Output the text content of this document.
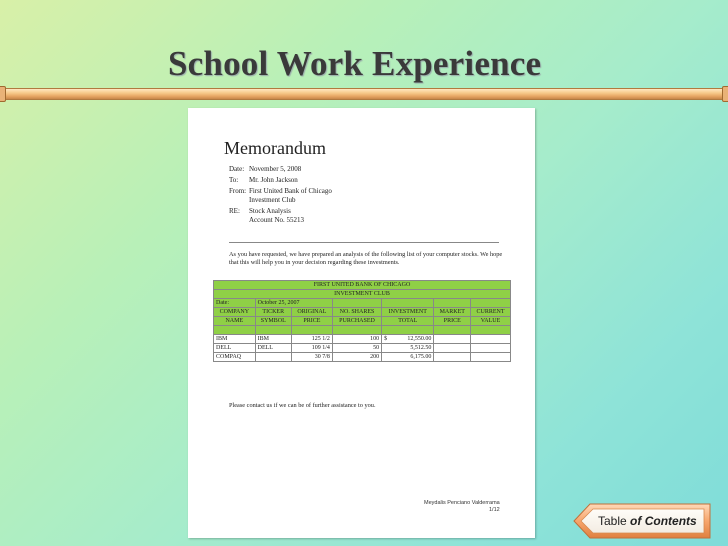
School Work Experience
Memorandum
Date: November 5, 2008
To:	Mr. John Jackson
From: First United Bank of Chicago
Investment Club
RE:	Stock Analysis
Account No. 55213
As you have requested, we have prepared an analysis of the following list of your computer stocks. We hope that this will help you in your decision regarding these investments.
FIRST UNITED BANK OF CHICAGO						
INVESTMENT CLUB						
Date:	October 25, 2007					
COMPANY	TICKER	ORIGINAL	NO. SHARES	INVESTMENT	MARKET	CURRENT
NAME	SYMBOL	PRICE	PURCHASED	TOTAL	PRICE	VALUE

IBM	IBM	125 1/2	100	$ 12,550.00		
DELL	DELL	109 1/4	50	5,512.50		
COMPAQ		30 7/8	200	6,175.00		
Please contact us if we can be of further assistance to you.
Meydalis Penciano Valderrama
1/12
Table of Contents
